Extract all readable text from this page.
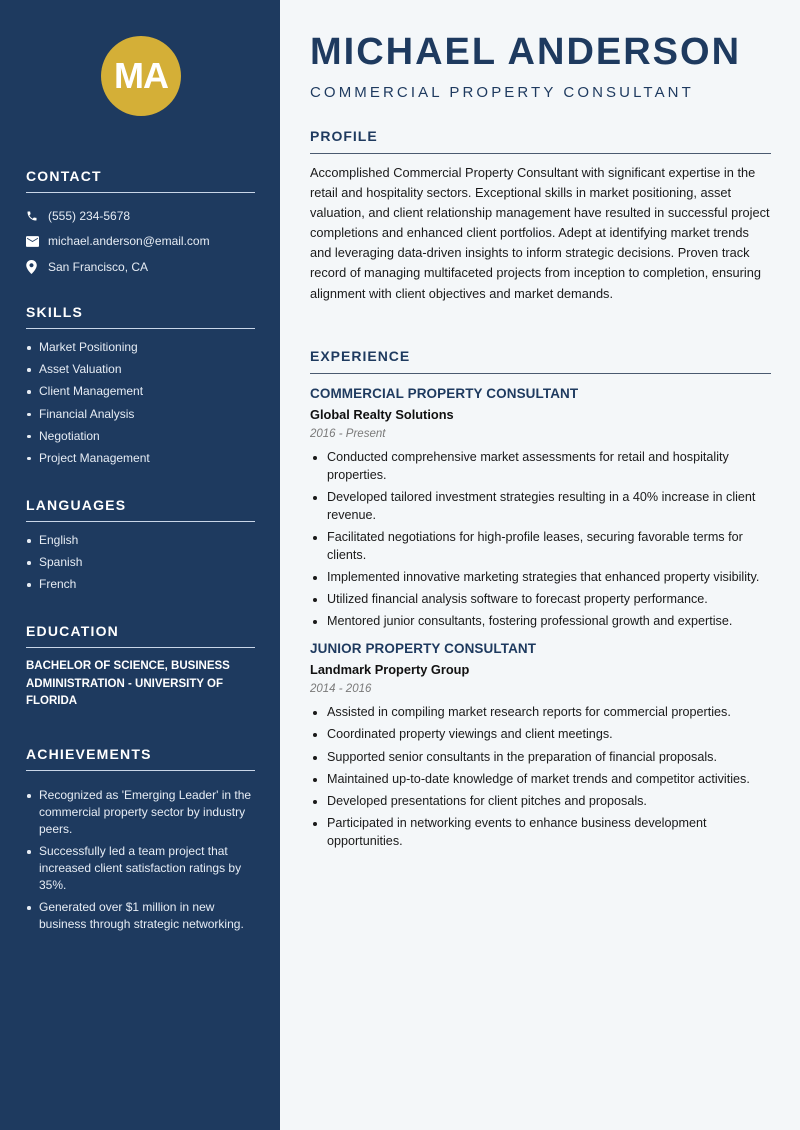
MA
CONTACT
(555) 234-5678
michael.anderson@email.com
San Francisco, CA
SKILLS
Market Positioning
Asset Valuation
Client Management
Financial Analysis
Negotiation
Project Management
LANGUAGES
English
Spanish
French
EDUCATION

BACHELOR OF SCIENCE, BUSINESS ADMINISTRATION - UNIVERSITY OF FLORIDA

ACHIEVEMENTS
Recognized as 'Emerging Leader' in the commercial property sector by industry peers.
Successfully led a team project that increased client satisfaction ratings by 35%.
Generated over $1 million in new business through strategic networking.
MICHAEL ANDERSON
COMMERCIAL PROPERTY CONSULTANT
PROFILE

Accomplished Commercial Property Consultant with significant expertise in the retail and hospitality sectors. Exceptional skills in market positioning, asset valuation, and client relationship management have resulted in successful project completions and enhanced client portfolios. Adept at identifying market trends and leveraging data-driven insights to inform strategic decisions. Proven track record of managing multifaceted projects from inception to completion, ensuring alignment with client objectives and market demands.

EXPERIENCE
COMMERCIAL PROPERTY CONSULTANT
Global Realty Solutions
2016 - Present
Conducted comprehensive market assessments for retail and hospitality properties.
Developed tailored investment strategies resulting in a 40% increase in client revenue.
Facilitated negotiations for high-profile leases, securing favorable terms for clients.
Implemented innovative marketing strategies that enhanced property visibility.
Utilized financial analysis software to forecast property performance.
Mentored junior consultants, fostering professional growth and expertise.
JUNIOR PROPERTY CONSULTANT
Landmark Property Group
2014 - 2016
Assisted in compiling market research reports for commercial properties.
Coordinated property viewings and client meetings.
Supported senior consultants in the preparation of financial proposals.
Maintained up-to-date knowledge of market trends and competitor activities.
Developed presentations for client pitches and proposals.
Participated in networking events to enhance business development opportunities.
